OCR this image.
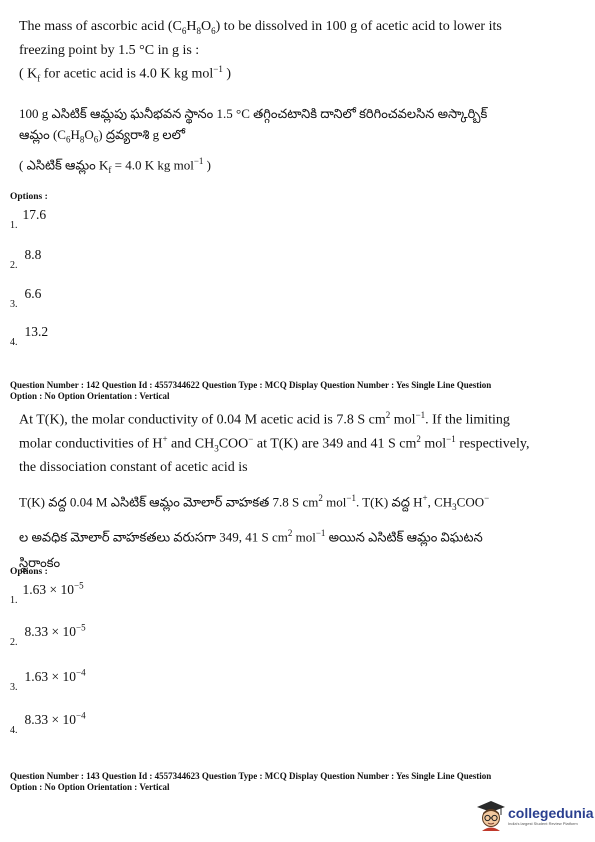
The mass of ascorbic acid $(C_6H_8O_6)$ to be dissolved in 100 g of acetic acid to lower its
freezing point by 1.5 °C in g is :
( $K_f$ for acetic acid is 4.0 K kg mol$^{-1}$ )
100 g ఎసిటిక్ ఆమ్లపు ఘనీభవన స్థానం 1.5 °C తగ్గించటానికి దానిలో కరిగించవలసిన అస్కార్బిక్
ఆమ్లం $(C_6H_8O_6)$ ద్రవ్యరాశి g లలో
( ఎసిటిక్ ఆమ్లం $K_f = 4.0$ K kg mol$^{-1}$ )
Options :
$_{1.}$ 17.6
$_{2.}$ 8.8
$_{3.}$ 6.6
$_{4.}$ 13.2
Question Number : 142 Question Id : 4557344622 Question Type : MCQ Display Question Number : Yes Single Line Question
Option : No Option Orientation : Vertical
At T(K), the molar conductivity of 0.04 M acetic acid is 7.8 S $cm^2$ mol$^{-1}$. If the limiting
molar conductivities of H+ and $CH_3COO^-$ at T(K) are 349 and 41 S $cm^2$ mol$^{-1}$ respectively,
the dissociation constant of acetic acid is
T(K) వద్ద 0.04 M ఎసిటిక్ ఆమ్లం మోలార్ వాహకత 7.8 S $cm^2$ mol$^{-1}$. T(K) వద్ద H+, $CH_3COO^-$
ల అవధిక మోలార్ వాహకతలు వరుసగా 349, 41 S $cm^2$ mol$^{-1}$ అయిన ఎసిటిక్ ఆమ్లం విఘటన
స్థిరాంకం
Options :
$_{1.}$ $1.63 \times 10^{-5}$
$_{2.}$ $8.33 \times 10^{-5}$
$_{3.}$ $1.63 \times 10^{-4}$
$_{4.}$ $8.33 \times 10^{-4}$
Question Number : 143 Question Id : 4557344623 Question Type : MCQ Display Question Number : Yes Single Line Question
Option : No Option Orientation : Vertical
collegedunia
India's largest Student Review Platform
